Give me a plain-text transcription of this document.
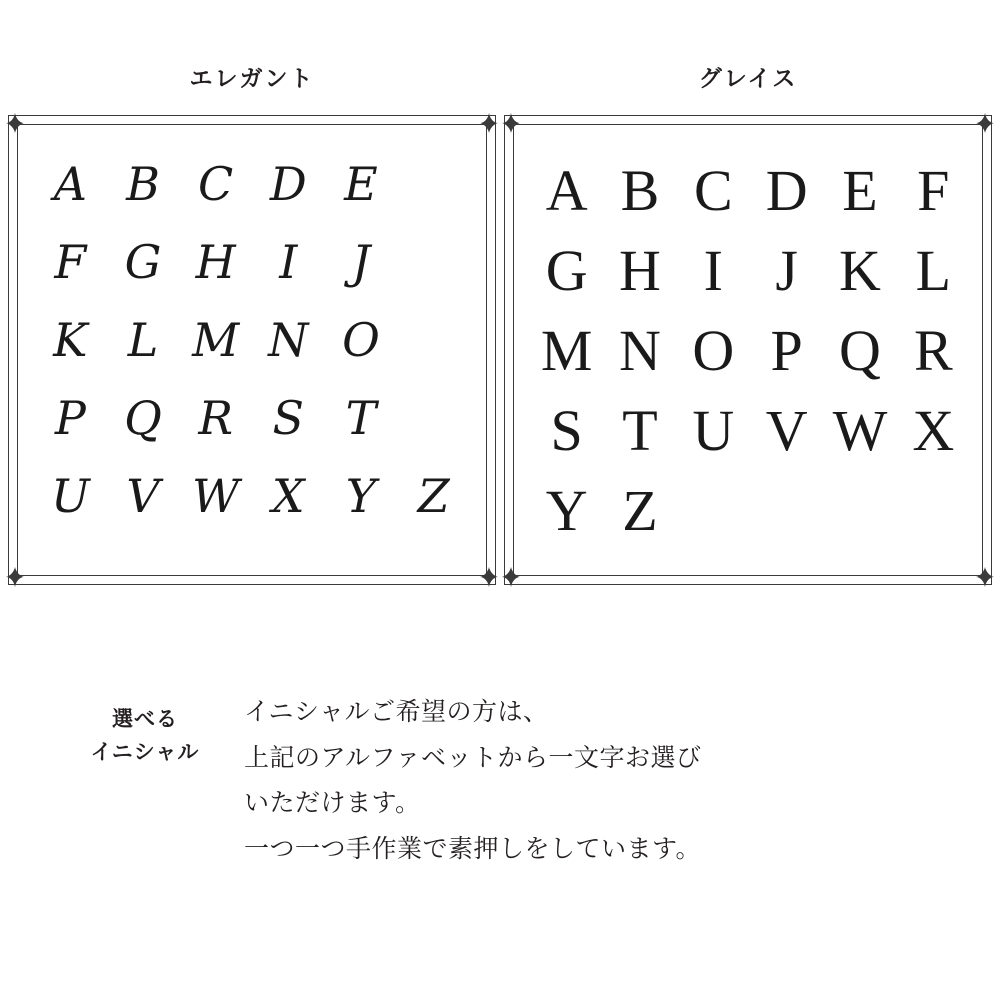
エレガント
A B C D E
F G H I	J
K L M N O
P Q R S T
U V W X Y Z
グレイス
A B C D E F
G H I J K L
M N O P Q R
S T U V W X
Y Z
選べる
イニシャル
イニシャルご希望の方は、
上記のアルファベットから一文字お選び
いただけます。
一つ一つ手作業で素押しをしています。
